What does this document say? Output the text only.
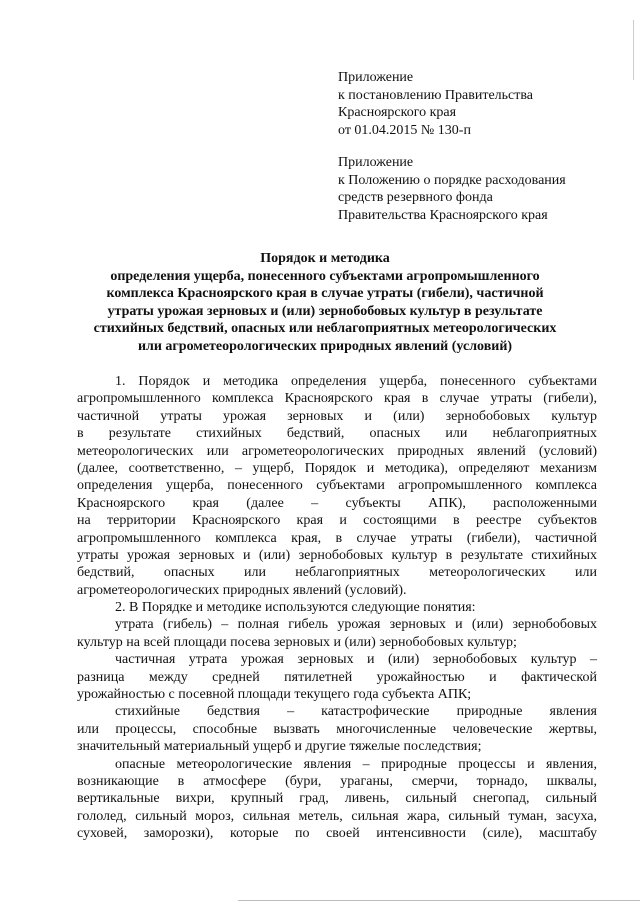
Приложение
к постановлению Правительства
Красноярского края
от 01.04.2015 № 130-п
Приложение
к Положению о порядке расходования
средств резервного фонда
Правительства Красноярского края
Порядок и методика
определения ущерба, понесенного субъектами агропромышленного
комплекса Красноярского края в случае утраты (гибели), частичной
утраты урожая зерновых и (или) зернобобовых культур в результате
стихийных бедствий, опасных или неблагоприятных метеорологических
или агрометеорологических природных явлений (условий)
1. Порядок и методика определения ущерба, понесенного субъектами
агропромышленного комплекса Красноярского края в случае утраты (гибели),
частичной утраты урожая зерновых и (или) зернобобовых культур
в результате стихийных бедствий, опасных или неблагоприятных
метеорологических или агрометеорологических природных явлений (условий)
(далее, соответственно, – ущерб, Порядок и методика), определяют механизм
определения ущерба, понесенного субъектами агропромышленного комплекса
Красноярского края (далее – субъекты АПК), расположенными
на территории Красноярского края и состоящими в реестре субъектов
агропромышленного комплекса края, в случае утраты (гибели), частичной
утраты урожая зерновых и (или) зернобобовых культур в результате стихийных
бедствий, опасных или неблагоприятных метеорологических или
агрометеорологических природных явлений (условий).
2. В Порядке и методике используются следующие понятия:
утрата (гибель) – полная гибель урожая зерновых и (или) зернобобовых
культур на всей площади посева зерновых и (или) зернобобовых культур;
частичная утрата урожая зерновых и (или) зернобобовых культур –
разница между средней пятилетней урожайностью и фактической
урожайностью с посевной площади текущего года субъекта АПК;
стихийные бедствия – катастрофические природные явления
или процессы, способные вызвать многочисленные человеческие жертвы,
значительный материальный ущерб и другие тяжелые последствия;
опасные метеорологические явления – природные процессы и явления,
возникающие в атмосфере (бури, ураганы, смерчи, торнадо, шквалы,
вертикальные вихри, крупный град, ливень, сильный снегопад, сильный
гололед, сильный мороз, сильная метель, сильная жара, сильный туман, засуха,
суховей, заморозки), которые по своей интенсивности (силе), масштабу
